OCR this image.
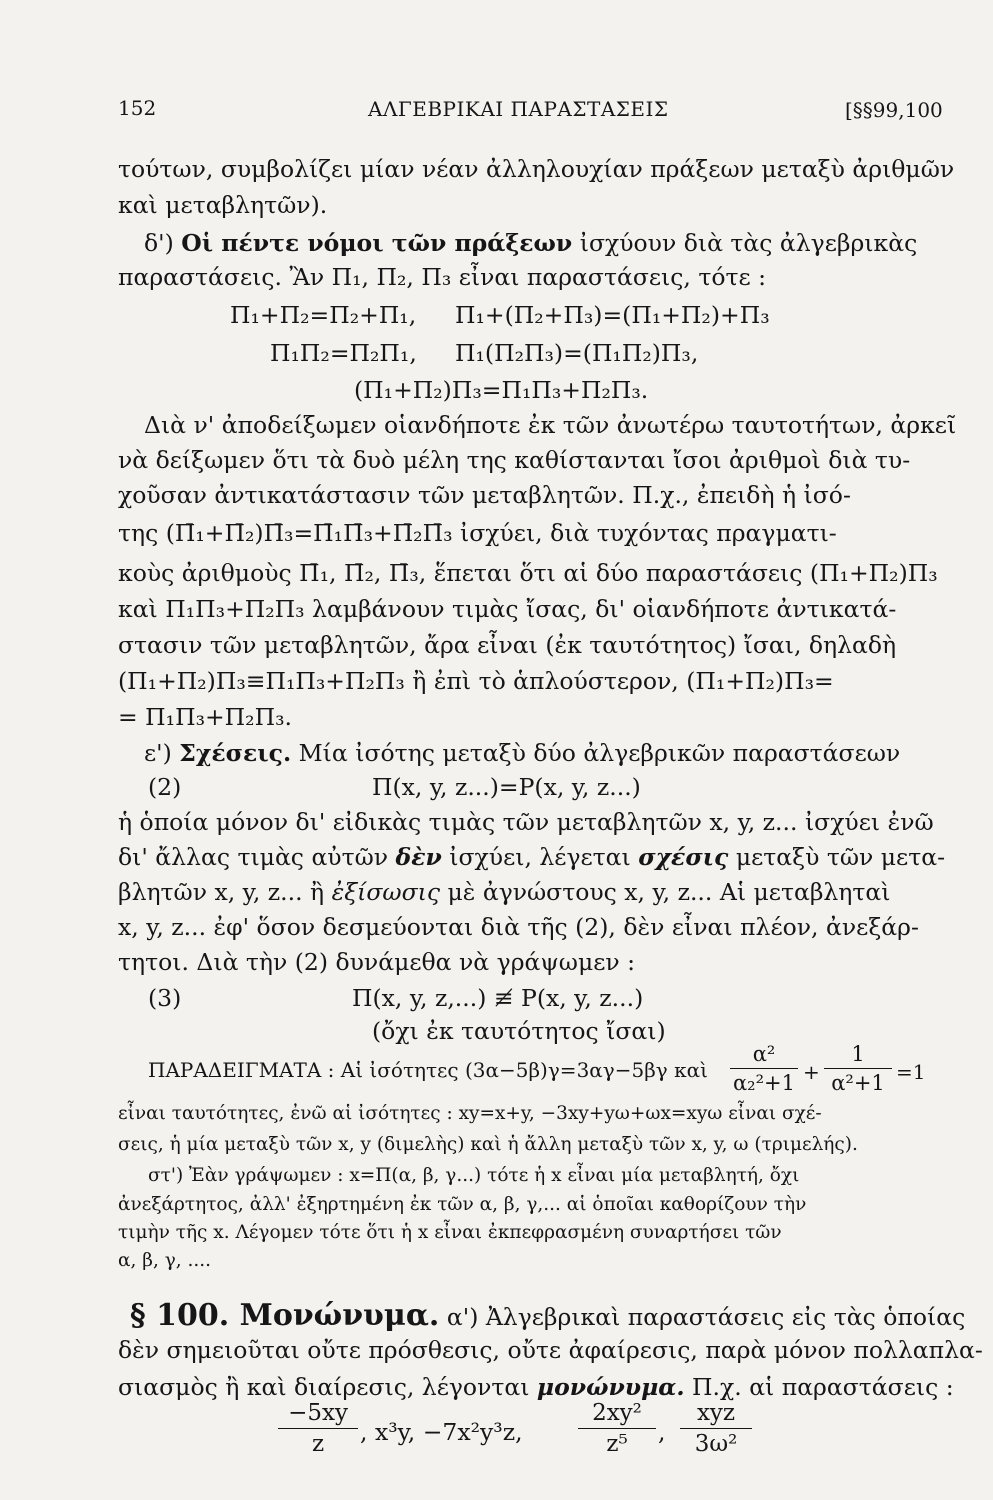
152	ΑΛΓΕΒΡΙΚΑΙ ΠΑΡΑΣΤΑΣΕΙΣ	[§§99,100
τούτων, συμβολίζει μίαν νέαν ἀλληλουχίαν πράξεων μεταξὺ ἀριθμῶν
καὶ μεταβλητῶν).
δ') Οἱ πέντε νόμοι τῶν πράξεων ἰσχύουν διὰ τὰς ἀλγεβρικὰς
παραστάσεις. Ἂν Π₁, Π₂, Π₃ εἶναι παραστάσεις, τότε :
Π₁+Π₂=Π₂+Π₁, Π₁+(Π₂+Π₃)=(Π₁+Π₂)+Π₃
Π₁Π₂=Π₂Π₁, Π₁(Π₂Π₃)=(Π₁Π₂)Π₃,
(Π₁+Π₂)Π₃=Π₁Π₃+Π₂Π₃.
Διὰ ν' ἀποδείξωμεν οἱανδήποτε ἐκ τῶν ἀνωτέρω ταυτοτήτων, ἀρκεῖ
νὰ δείξωμεν ὅτι τὰ δυὸ μέλη της καθίστανται ἴσοι ἀριθμοὶ διὰ τυ-
χοῦσαν ἀντικατάστασιν τῶν μεταβλητῶν. Π.χ., ἐπειδὴ ἡ ἰσό-
της (Π̄₁+Π̄₂)Π̄₃=Π̄₁Π̄₃+Π̄₂Π̄₃ ἰσχύει, διὰ τυχόντας πραγματι-
κοὺς ἀριθμοὺς Π̄₁, Π̄₂, Π̄₃, ἕπεται ὅτι αἱ δύο παραστάσεις (Π₁+Π₂)Π₃
καὶ Π₁Π₃+Π₂Π₃ λαμβάνουν τιμὰς ἴσας, δι' οἱανδήποτε ἀντικατά-
στασιν τῶν μεταβλητῶν, ἄρα εἶναι (ἐκ ταυτότητος) ἴσαι, δηλαδὴ
(Π₁+Π₂)Π₃≡Π₁Π₃+Π₂Π₃ ἢ ἐπὶ τὸ ἁπλούστερον, (Π₁+Π₂)Π₃=
= Π₁Π₃+Π₂Π₃.
ε') Σχέσεις. Μία ἰσότης μεταξὺ δύο ἀλγεβρικῶν παραστάσεων
(2)	Π(x, y, z...)=P(x, y, z...)
ἡ ὁποία μόνον δι' εἰδικὰς τιμὰς τῶν μεταβλητῶν x, y, z... ἰσχύει ἐνῶ
δι' ἄλλας τιμὰς αὐτῶν δὲν ἰσχύει, λέγεται σχέσις μεταξὺ τῶν μετα-
βλητῶν x, y, z... ἢ ἐξίσωσις μὲ ἀγνώστους x, y, z... Αἱ μεταβληταὶ
x, y, z... ἐφ' ὅσον δεσμεύονται διὰ τῆς (2), δὲν εἶναι πλέον, ἀνεξάρ-
τητοι. Διὰ τὴν (2) δυνάμεθα νὰ γράψωμεν :
(3)	Π(x, y, z,...) ≢ P(x, y, z...)
(ὄχι ἐκ ταυτότητος ἴσαι)
ΠΑΡΑΔΕΙΓΜΑΤΑ : Αἱ ἰσότητες (3α−5β)γ=3αγ−5βγ καὶ $\frac{\text{α²}}{\text{α₂²+1}} + \frac{1}{\text{α²+1}} =1$
εἶναι ταυτότητες, ἐνῶ αἱ ἰσότητες : xy=x+y, −3xy+yω+ωx=xyω εἶναι σχέ-
σεις, ἡ μία μεταξὺ τῶν x, y (διμελὴς) καὶ ἡ ἄλλη μεταξὺ τῶν x, y, ω (τριμελής).
στ') Ἐὰν γράψωμεν : x=Π(α, β, γ...) τότε ἡ x εἶναι μία μεταβλητή, ὄχι
ἀνεξάρτητος, ἀλλ' ἐξηρτημένη ἐκ τῶν α, β, γ,... αἱ ὁποῖαι καθορίζουν τὴν
τιμὴν τῆς x. Λέγομεν τότε ὅτι ἡ x εἶναι ἐκπεφρασμένη συναρτήσει τῶν
α, β, γ, ....
§ 100. Μονώνυμα. α') Ἀλγεβρικαὶ παραστάσεις εἰς τὰς ὁποίας
δὲν σημειοῦται οὔτε πρόσθεσις, οὔτε ἀφαίρεσις, παρὰ μόνον πολλαπλα-
σιασμὸς ἢ καὶ διαίρεσις, λέγονται μονώνυμα. Π.χ. αἱ παραστάσεις :
$\frac{-5xy}{z}$ , x³y, −7x²y³z, $\frac{\text{2xy²}}{\text{z⁵}}$ ,
xyz
3ω²
